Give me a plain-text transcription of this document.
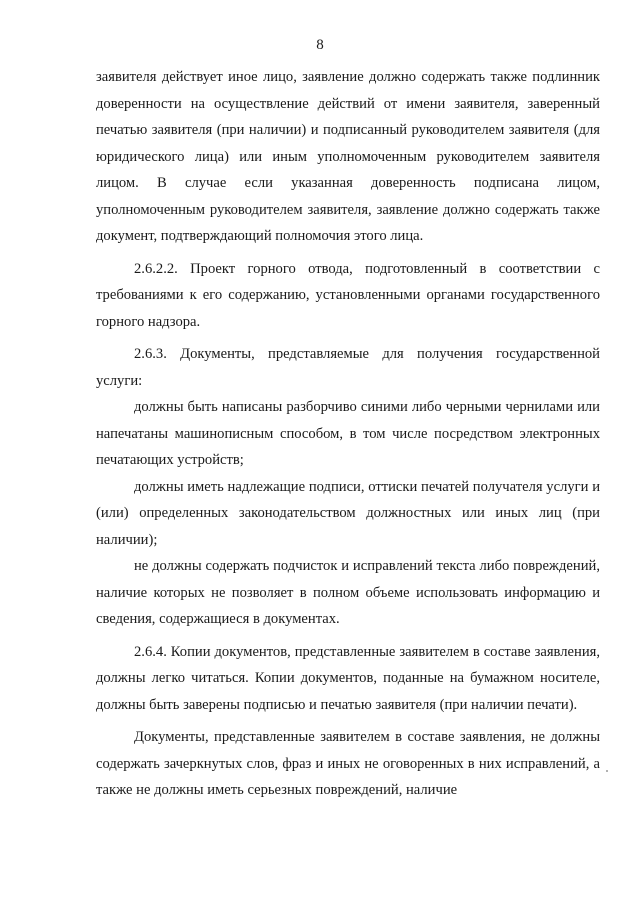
8

заявителя действует иное лицо, заявление должно содержать также подлинник доверенности на осуществление действий от имени заявителя, заверенный печатью заявителя (при наличии) и подписанный руководителем заявителя (для юридического лица) или иным уполномоченным руководителем заявителя лицом. В случае если указанная доверенность подписана лицом, уполномоченным руководителем заявителя, заявление должно содержать также документ, подтверждающий полномочия этого лица.

2.6.2.2. Проект горного отвода, подготовленный в соответствии с требованиями к его содержанию, установленными органами государственного горного надзора.

2.6.3. Документы, представляемые для получения государственной услуги:

должны быть написаны разборчиво синими либо черными чернилами или напечатаны машинописным способом, в том числе посредством электронных печатающих устройств;

должны иметь надлежащие подписи, оттиски печатей получателя услуги и (или) определенных законодательством должностных или иных лиц (при наличии);

не должны содержать подчисток и исправлений текста либо повреждений, наличие которых не позволяет в полном объеме использовать информацию и сведения, содержащиеся в документах.

2.6.4. Копии документов, представленные заявителем в составе заявления, должны легко читаться. Копии документов, поданные на бумажном носителе, должны быть заверены подписью и печатью заявителя (при наличии печати).

Документы, представленные заявителем в составе заявления, не должны содержать зачеркнутых слов, фраз и иных не оговоренных в них исправлений, а также не должны иметь серьезных повреждений, наличие
